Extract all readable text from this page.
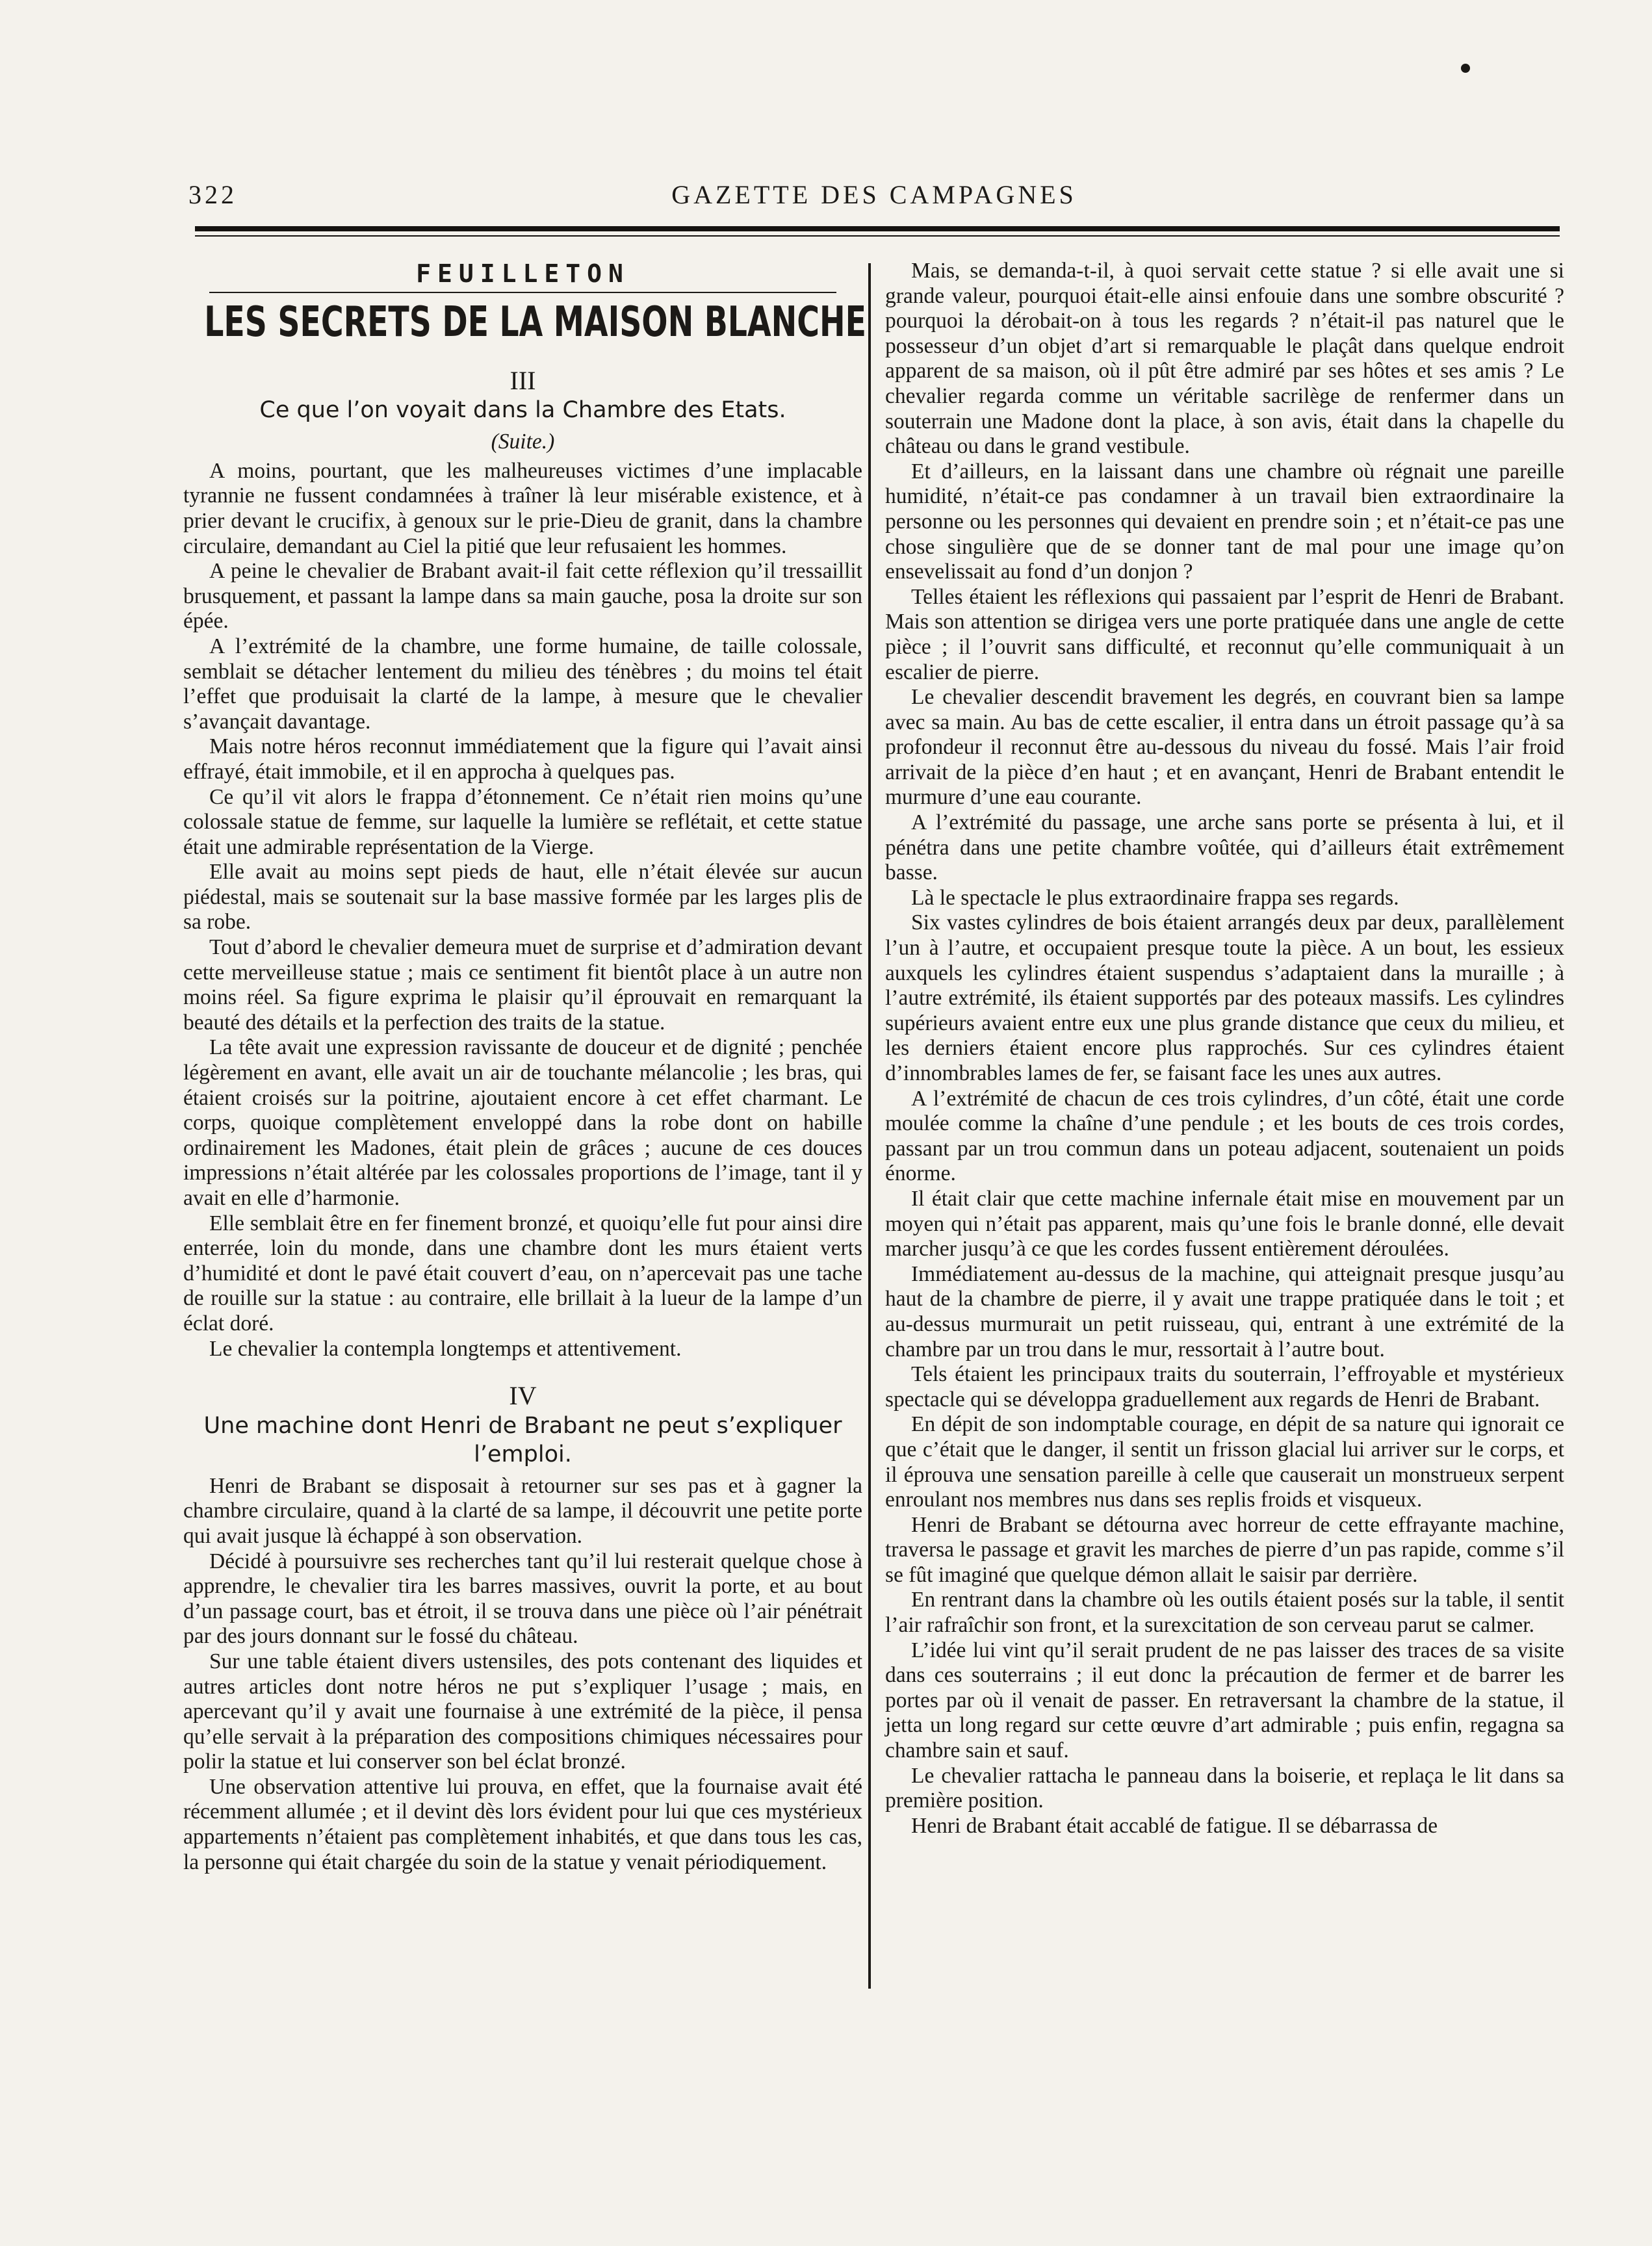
322	GAZETTE DES CAMPAGNES
FEUILLETON
LES SECRETS DE LA MAISON BLANCHE
III
Ce que l’on voyait dans la Chambre des Etats.
(Suite.)

A moins, pourtant, que les malheureuses victimes d’une implacable tyrannie ne fussent condamnées à traîner là leur misérable existence, et à prier devant le crucifix, à genoux sur le prie-Dieu de granit, dans la chambre circulaire, demandant au Ciel la pitié que leur refusaient les hommes.

A peine le chevalier de Brabant avait-il fait cette réflexion qu’il tressaillit brusquement, et passant la lampe dans sa main gauche, posa la droite sur son épée.

A l’extrémité de la chambre, une forme humaine, de taille colossale, semblait se détacher lentement du milieu des ténèbres ; du moins tel était l’effet que produisait la clarté de la lampe, à mesure que le chevalier s’avançait davantage.

Mais notre héros reconnut immédiatement que la figure qui l’avait ainsi effrayé, était immobile, et il en approcha à quelques pas.

Ce qu’il vit alors le frappa d’étonnement. Ce n’était rien moins qu’une colossale statue de femme, sur laquelle la lumière se reflétait, et cette statue était une admirable représentation de la Vierge.

Elle avait au moins sept pieds de haut, elle n’était élevée sur aucun piédestal, mais se soutenait sur la base massive formée par les larges plis de sa robe.

Tout d’abord le chevalier demeura muet de surprise et d’admiration devant cette merveilleuse statue ; mais ce sentiment fit bientôt place à un autre non moins réel. Sa figure exprima le plaisir qu’il éprouvait en remarquant la beauté des détails et la perfection des traits de la statue.

La tête avait une expression ravissante de douceur et de dignité ; penchée légèrement en avant, elle avait un air de touchante mélancolie ; les bras, qui étaient croisés sur la poitrine, ajoutaient encore à cet effet charmant. Le corps, quoique complètement enveloppé dans la robe dont on habille ordinairement les Madones, était plein de grâces ; aucune de ces douces impressions n’était altérée par les colossales proportions de l’image, tant il y avait en elle d’harmonie.

Elle semblait être en fer finement bronzé, et quoiqu’elle fut pour ainsi dire enterrée, loin du monde, dans une chambre dont les murs étaient verts d’humidité et dont le pavé était couvert d’eau, on n’apercevait pas une tache de rouille sur la statue : au contraire, elle brillait à la lueur de la lampe d’un éclat doré.

Le chevalier la contempla longtemps et attentivement.

IV
Une machine dont Henri de Brabant ne peut s’expliquer l’emploi.

Henri de Brabant se disposait à retourner sur ses pas et à gagner la chambre circulaire, quand à la clarté de sa lampe, il découvrit une petite porte qui avait jusque là échappé à son observation.

Décidé à poursuivre ses recherches tant qu’il lui resterait quelque chose à apprendre, le chevalier tira les barres massives, ouvrit la porte, et au bout d’un passage court, bas et étroit, il se trouva dans une pièce où l’air pénétrait par des jours donnant sur le fossé du château.

Sur une table étaient divers ustensiles, des pots contenant des liquides et autres articles dont notre héros ne put s’expliquer l’usage ; mais, en apercevant qu’il y avait une fournaise à une extrémité de la pièce, il pensa qu’elle servait à la préparation des compositions chimiques nécessaires pour polir la statue et lui conserver son bel éclat bronzé.

Une observation attentive lui prouva, en effet, que la fournaise avait été récemment allumée ; et il devint dès lors évident pour lui que ces mystérieux appartements n’étaient pas complètement inhabités, et que dans tous les cas, la personne qui était chargée du soin de la statue y venait périodiquement.

Mais, se demanda-t-il, à quoi servait cette statue ? si elle avait une si grande valeur, pourquoi était-elle ainsi enfouie dans une sombre obscurité ? pourquoi la dérobait-on à tous les regards ? n’était-il pas naturel que le possesseur d’un objet d’art si remarquable le plaçât dans quelque endroit apparent de sa maison, où il pût être admiré par ses hôtes et ses amis ? Le chevalier regarda comme un véritable sacrilège de renfermer dans un souterrain une Madone dont la place, à son avis, était dans la chapelle du château ou dans le grand vestibule.

Et d’ailleurs, en la laissant dans une chambre où régnait une pareille humidité, n’était-ce pas condamner à un travail bien extraordinaire la personne ou les personnes qui devaient en prendre soin ; et n’était-ce pas une chose singulière que de se donner tant de mal pour une image qu’on ensevelissait au fond d’un donjon ?

Telles étaient les réflexions qui passaient par l’esprit de Henri de Brabant. Mais son attention se dirigea vers une porte pratiquée dans une angle de cette pièce ; il l’ouvrit sans difficulté, et reconnut qu’elle communiquait à un escalier de pierre.

Le chevalier descendit bravement les degrés, en couvrant bien sa lampe avec sa main. Au bas de cette escalier, il entra dans un étroit passage qu’à sa profondeur il reconnut être au-dessous du niveau du fossé. Mais l’air froid arrivait de la pièce d’en haut ; et en avançant, Henri de Brabant entendit le murmure d’une eau courante.

A l’extrémité du passage, une arche sans porte se présenta à lui, et il pénétra dans une petite chambre voûtée, qui d’ailleurs était extrêmement basse.

Là le spectacle le plus extraordinaire frappa ses regards.

Six vastes cylindres de bois étaient arrangés deux par deux, parallèlement l’un à l’autre, et occupaient presque toute la pièce. A un bout, les essieux auxquels les cylindres étaient suspendus s’adaptaient dans la muraille ; à l’autre extrémité, ils étaient supportés par des poteaux massifs. Les cylindres supérieurs avaient entre eux une plus grande distance que ceux du milieu, et les derniers étaient encore plus rapprochés. Sur ces cylindres étaient d’innombrables lames de fer, se faisant face les unes aux autres.

A l’extrémité de chacun de ces trois cylindres, d’un côté, était une corde moulée comme la chaîne d’une pendule ; et les bouts de ces trois cordes, passant par un trou commun dans un poteau adjacent, soutenaient un poids énorme.

Il était clair que cette machine infernale était mise en mouvement par un moyen qui n’était pas apparent, mais qu’une fois le branle donné, elle devait marcher jusqu’à ce que les cordes fussent entièrement déroulées.

Immédiatement au-dessus de la machine, qui atteignait presque jusqu’au haut de la chambre de pierre, il y avait une trappe pratiquée dans le toit ; et au-dessus murmurait un petit ruisseau, qui, entrant à une extrémité de la chambre par un trou dans le mur, ressortait à l’autre bout.

Tels étaient les principaux traits du souterrain, l’effroyable et mystérieux spectacle qui se développa graduellement aux regards de Henri de Brabant.

En dépit de son indomptable courage, en dépit de sa nature qui ignorait ce que c’était que le danger, il sentit un frisson glacial lui arriver sur le corps, et il éprouva une sensation pareille à celle que causerait un monstrueux serpent enroulant nos membres nus dans ses replis froids et visqueux.

Henri de Brabant se détourna avec horreur de cette effrayante machine, traversa le passage et gravit les marches de pierre d’un pas rapide, comme s’il se fût imaginé que quelque démon allait le saisir par derrière.

En rentrant dans la chambre où les outils étaient posés sur la table, il sentit l’air rafraîchir son front, et la surexcitation de son cerveau parut se calmer.

L’idée lui vint qu’il serait prudent de ne pas laisser des traces de sa visite dans ces souterrains ; il eut donc la précaution de fermer et de barrer les portes par où il venait de passer. En retraversant la chambre de la statue, il jetta un long regard sur cette œuvre d’art admirable ; puis enfin, regagna sa chambre sain et sauf.

Le chevalier rattacha le panneau dans la boiserie, et replaça le lit dans sa première position.

Henri de Brabant était accablé de fatigue. Il se débarrassa de
